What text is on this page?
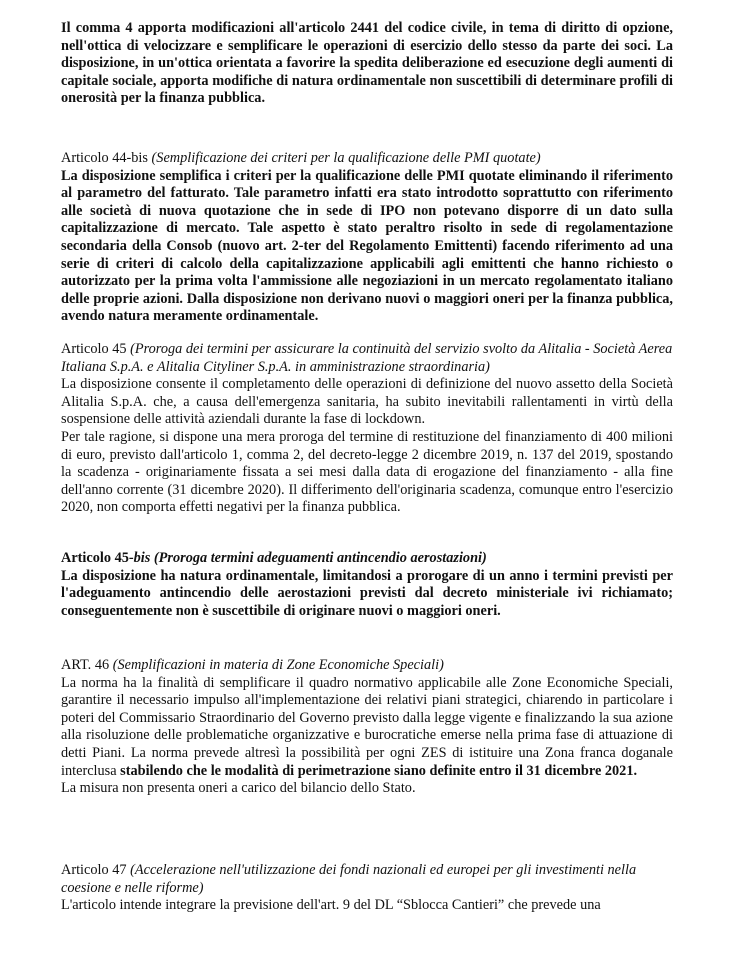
Il comma 4 apporta modificazioni all'articolo 2441 del codice civile, in tema di diritto di opzione, nell'ottica di velocizzare e semplificare le operazioni di esercizio dello stesso da parte dei soci. La disposizione, in un'ottica orientata a favorire la spedita deliberazione ed esecuzione degli aumenti di capitale sociale, apporta modifiche di natura ordinamentale non suscettibili di determinare profili di onerosità per la finanza pubblica.

Articolo 44-bis (Semplificazione dei criteri per la qualificazione delle PMI quotate)

La disposizione semplifica i criteri per la qualificazione delle PMI quotate eliminando il riferimento al parametro del fatturato. Tale parametro infatti era stato introdotto soprattutto con riferimento alle società di nuova quotazione che in sede di IPO non potevano disporre di un dato sulla capitalizzazione di mercato. Tale aspetto è stato peraltro risolto in sede di regolamentazione secondaria della Consob (nuovo art. 2-ter del Regolamento Emittenti) facendo riferimento ad una serie di criteri di calcolo della capitalizzazione applicabili agli emittenti che hanno richiesto o autorizzato per la prima volta l'ammissione alle negoziazioni in un mercato regolamentato italiano delle proprie azioni. Dalla disposizione non derivano nuovi o maggiori oneri per la finanza pubblica, avendo natura meramente ordinamentale.

Articolo 45 (Proroga dei termini per assicurare la continuità del servizio svolto da Alitalia - Società Aerea Italiana S.p.A. e Alitalia Cityliner S.p.A. in amministrazione straordinaria)

La disposizione consente il completamento delle operazioni di definizione del nuovo assetto della Società Alitalia S.p.A. che, a causa dell'emergenza sanitaria, ha subito inevitabili rallentamenti in virtù della sospensione delle attività aziendali durante la fase di lockdown.

Per tale ragione, si dispone una mera proroga del termine di restituzione del finanziamento di 400 milioni di euro, previsto dall'articolo 1, comma 2, del decreto-legge 2 dicembre 2019, n. 137 del 2019, spostando la scadenza - originariamente fissata a sei mesi dalla data di erogazione del finanziamento - alla fine dell'anno corrente (31 dicembre 2020). Il differimento dell'originaria scadenza, comunque entro l'esercizio 2020, non comporta effetti negativi per la finanza pubblica.

Articolo 45-bis (Proroga termini adeguamenti antincendio aerostazioni)

La disposizione ha natura ordinamentale, limitandosi a prorogare di un anno i termini previsti per l'adeguamento antincendio delle aerostazioni previsti dal decreto ministeriale ivi richiamato; conseguentemente non è suscettibile di originare nuovi o maggiori oneri.

ART. 46 (Semplificazioni in materia di Zone Economiche Speciali)

La norma ha la finalità di semplificare il quadro normativo applicabile alle Zone Economiche Speciali, garantire il necessario impulso all'implementazione dei relativi piani strategici, chiarendo in particolare i poteri del Commissario Straordinario del Governo previsto dalla legge vigente e finalizzando la sua azione alla risoluzione delle problematiche organizzative e burocratiche emerse nella prima fase di attuazione di detti Piani. La norma prevede altresì la possibilità per ogni ZES di istituire una Zona franca doganale interclusa stabilendo che le modalità di perimetrazione siano definite entro il 31 dicembre 2021.

La misura non presenta oneri a carico del bilancio dello Stato.

Articolo 47 (Accelerazione nell'utilizzazione dei fondi nazionali ed europei per gli investimenti nella coesione e nelle riforme)

L'articolo intende integrare la previsione dell'art. 9 del DL “Sblocca Cantieri” che prevede una
